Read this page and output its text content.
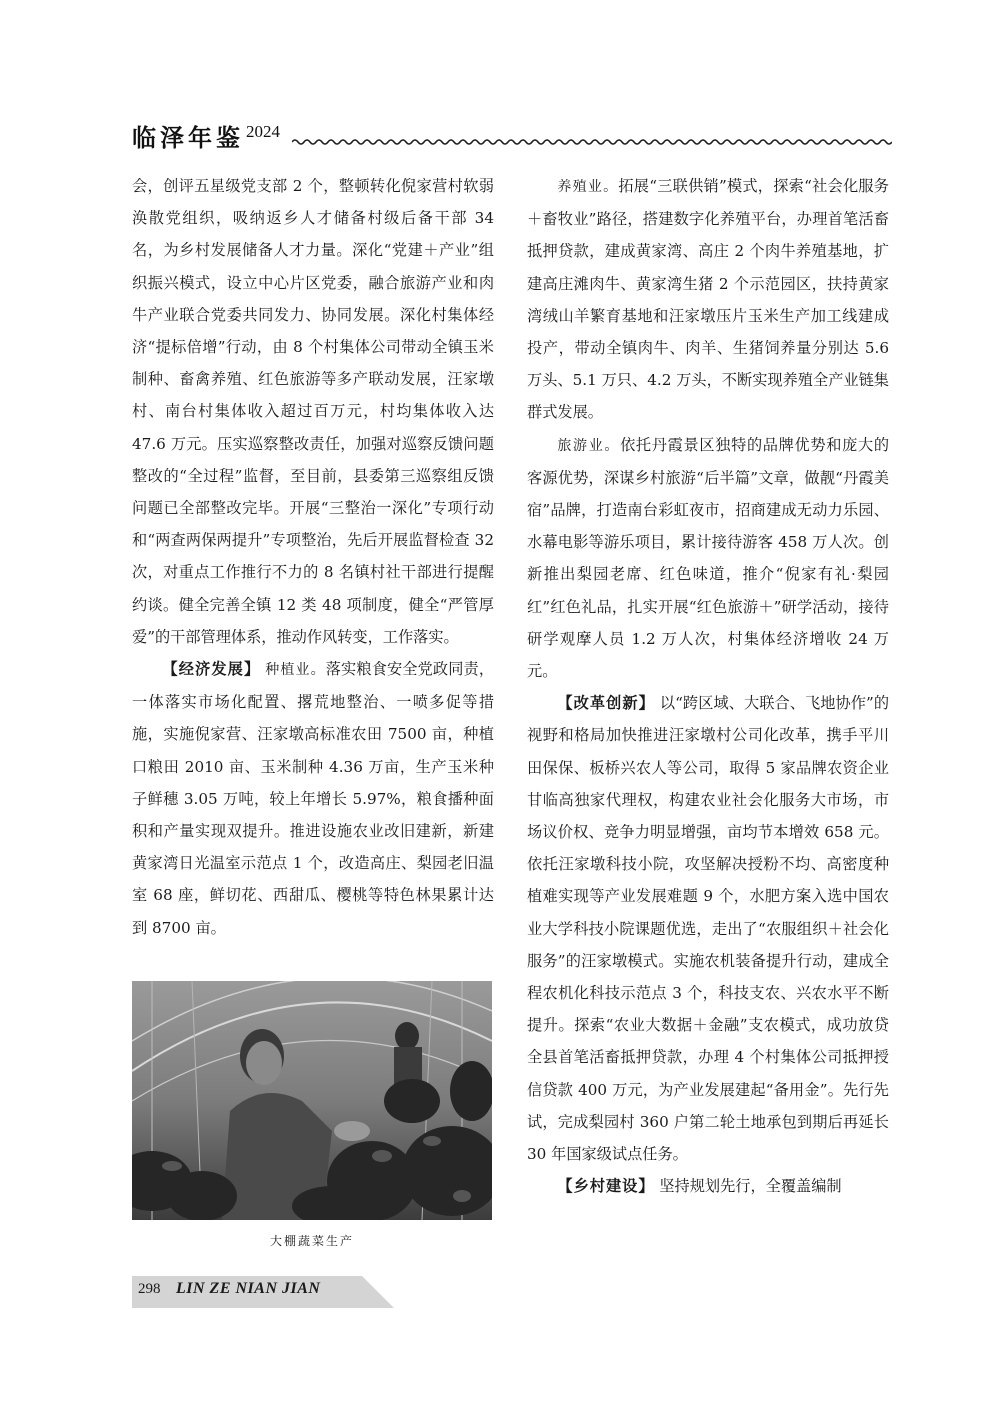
临泽年鉴 2024

会，创评五星级党支部 2 个，整顿转化倪家营村软弱涣散党组织，吸纳返乡人才储备村级后备干部 34 名，为乡村发展储备人才力量。深化“党建＋产业”组织振兴模式，设立中心片区党委，融合旅游产业和肉牛产业联合党委共同发力、协同发展。深化村集体经济“提标倍增”行动，由 8 个村集体公司带动全镇玉米制种、畜禽养殖、红色旅游等多产联动发展，汪家墩村、南台村集体收入超过百万元，村均集体收入达 47.6 万元。压实巡察整改责任，加强对巡察反馈问题整改的“全过程”监督，至目前，县委第三巡察组反馈问题已全部整改完毕。开展“三整治一深化”专项行动和“两查两保两提升”专项整治，先后开展监督检查 32 次，对重点工作推行不力的 8 名镇村社干部进行提醒约谈。健全完善全镇 12 类 48 项制度，健全“严管厚爱”的干部管理体系，推动作风转变，工作落实。

【经济发展】 种植业。落实粮食安全党政同责，一体落实市场化配置、撂荒地整治、一喷多促等措施，实施倪家营、汪家墩高标准农田 7500 亩，种植口粮田 2010 亩、玉米制种 4.36 万亩，生产玉米种子鲜穗 3.05 万吨，较上年增长 5.97%，粮食播种面积和产量实现双提升。推进设施农业改旧建新，新建黄家湾日光温室示范点 1 个，改造高庄、梨园老旧温室 68 座，鲜切花、西甜瓜、樱桃等特色林果累计达到 8700 亩。

大棚蔬菜生产

养殖业。拓展“三联供销”模式，探索“社会化服务＋畜牧业”路径，搭建数字化养殖平台，办理首笔活畜抵押贷款，建成黄家湾、高庄 2 个肉牛养殖基地，扩建高庄滩肉牛、黄家湾生猪 2 个示范园区，扶持黄家湾绒山羊繁育基地和汪家墩压片玉米生产加工线建成投产，带动全镇肉牛、肉羊、生猪饲养量分别达 5.6 万头、5.1 万只、4.2 万头，不断实现养殖全产业链集群式发展。

旅游业。依托丹霞景区独特的品牌优势和庞大的客源优势，深谋乡村旅游“后半篇”文章，做靓“丹霞美宿”品牌，打造南台彩虹夜市，招商建成无动力乐园、水幕电影等游乐项目，累计接待游客 458 万人次。创新推出梨园老席、红色味道，推介“倪家有礼·梨园红”红色礼品，扎实开展“红色旅游＋”研学活动，接待研学观摩人员 1.2 万人次，村集体经济增收 24 万元。

【改革创新】 以“跨区域、大联合、飞地协作”的视野和格局加快推进汪家墩村公司化改革，携手平川田保保、板桥兴农人等公司，取得 5 家品牌农资企业甘临高独家代理权，构建农业社会化服务大市场，市场议价权、竞争力明显增强，亩均节本增效 658 元。依托汪家墩科技小院，攻坚解决授粉不均、高密度种植难实现等产业发展难题 9 个，水肥方案入选中国农业大学科技小院课题优选，走出了“农服组织＋社会化服务”的汪家墩模式。实施农机装备提升行动，建成全程农机化科技示范点 3 个，科技支农、兴农水平不断提升。探索“农业大数据＋金融”支农模式，成功放贷全县首笔活畜抵押贷款，办理 4 个村集体公司抵押授信贷款 400 万元，为产业发展建起“备用金”。先行先试，完成梨园村 360 户第二轮土地承包到期后再延长 30 年国家级试点任务。

【乡村建设】 坚持规划先行，全覆盖编制

298 LIN ZE NIAN JIAN
